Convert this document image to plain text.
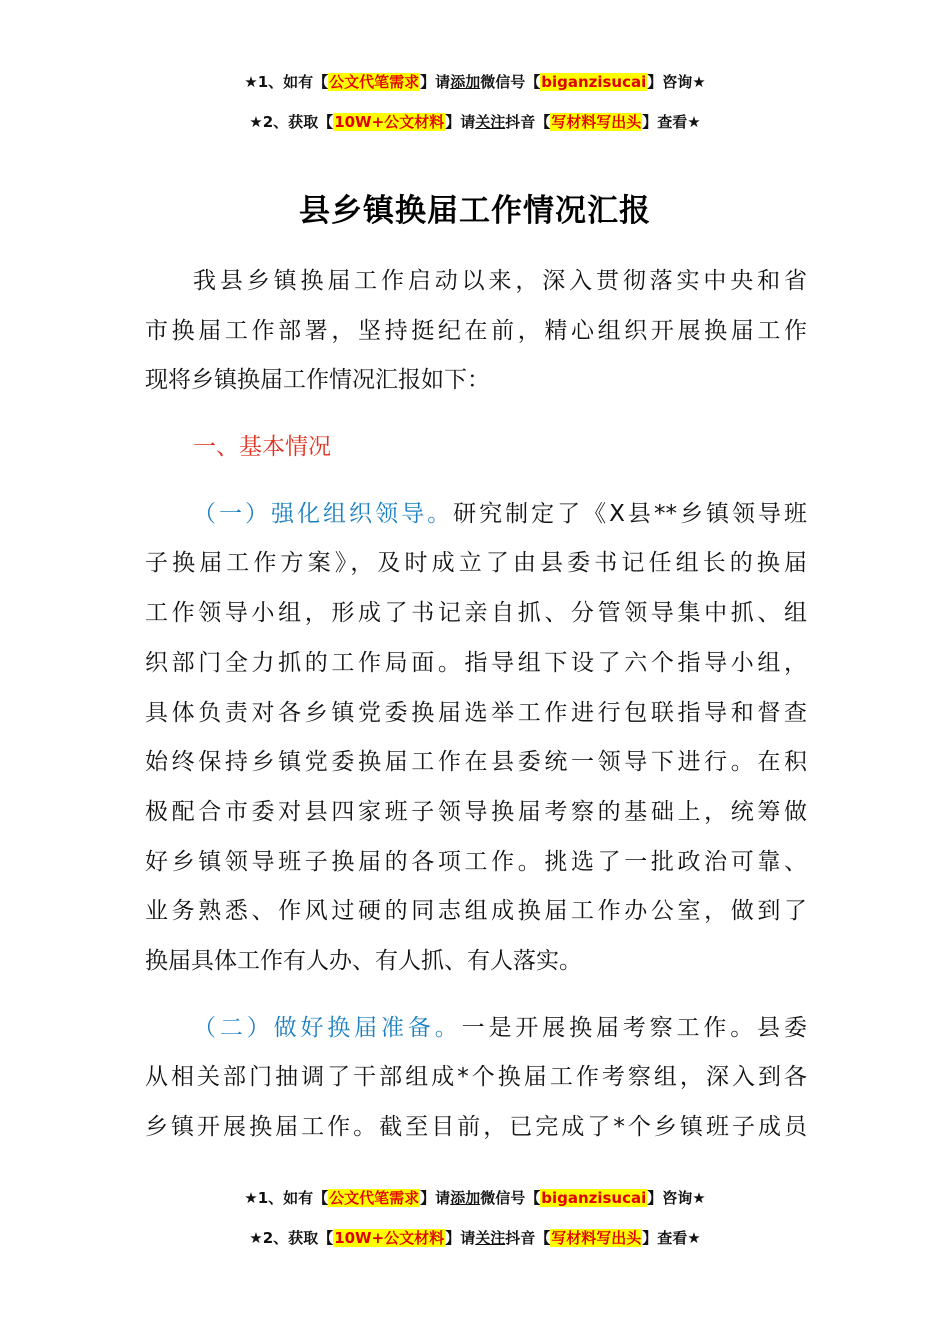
★1、如有【公文代笔需求】请添加微信号【biganzisucai】咨询★
★2、获取【10W+公文材料】请关注抖音【写材料写出头】查看★
县乡镇换届工作情况汇报
我县乡镇换届工作启动以来，深入贯彻落实中央和省
市换届工作部署，坚持挺纪在前，精心组织开展换届工作
现将乡镇换届工作情况汇报如下：
一、基本情况
（一）强化组织领导。研究制定了《X县**乡镇领导班
子换届工作方案》，及时成立了由县委书记任组长的换届
工作领导小组，形成了书记亲自抓、分管领导集中抓、组
织部门全力抓的工作局面。指导组下设了六个指导小组，
具体负责对各乡镇党委换届选举工作进行包联指导和督查
始终保持乡镇党委换届工作在县委统一领导下进行。在积
极配合市委对县四家班子领导换届考察的基础上，统筹做
好乡镇领导班子换届的各项工作。挑选了一批政治可靠、
业务熟悉、作风过硬的同志组成换届工作办公室，做到了
换届具体工作有人办、有人抓、有人落实。
（二）做好换届准备。一是开展换届考察工作。县委
从相关部门抽调了干部组成*个换届工作考察组，深入到各
乡镇开展换届工作。截至目前，已完成了*个乡镇班子成员
★1、如有【公文代笔需求】请添加微信号【biganzisucai】咨询★
★2、获取【10W+公文材料】请关注抖音【写材料写出头】查看★
